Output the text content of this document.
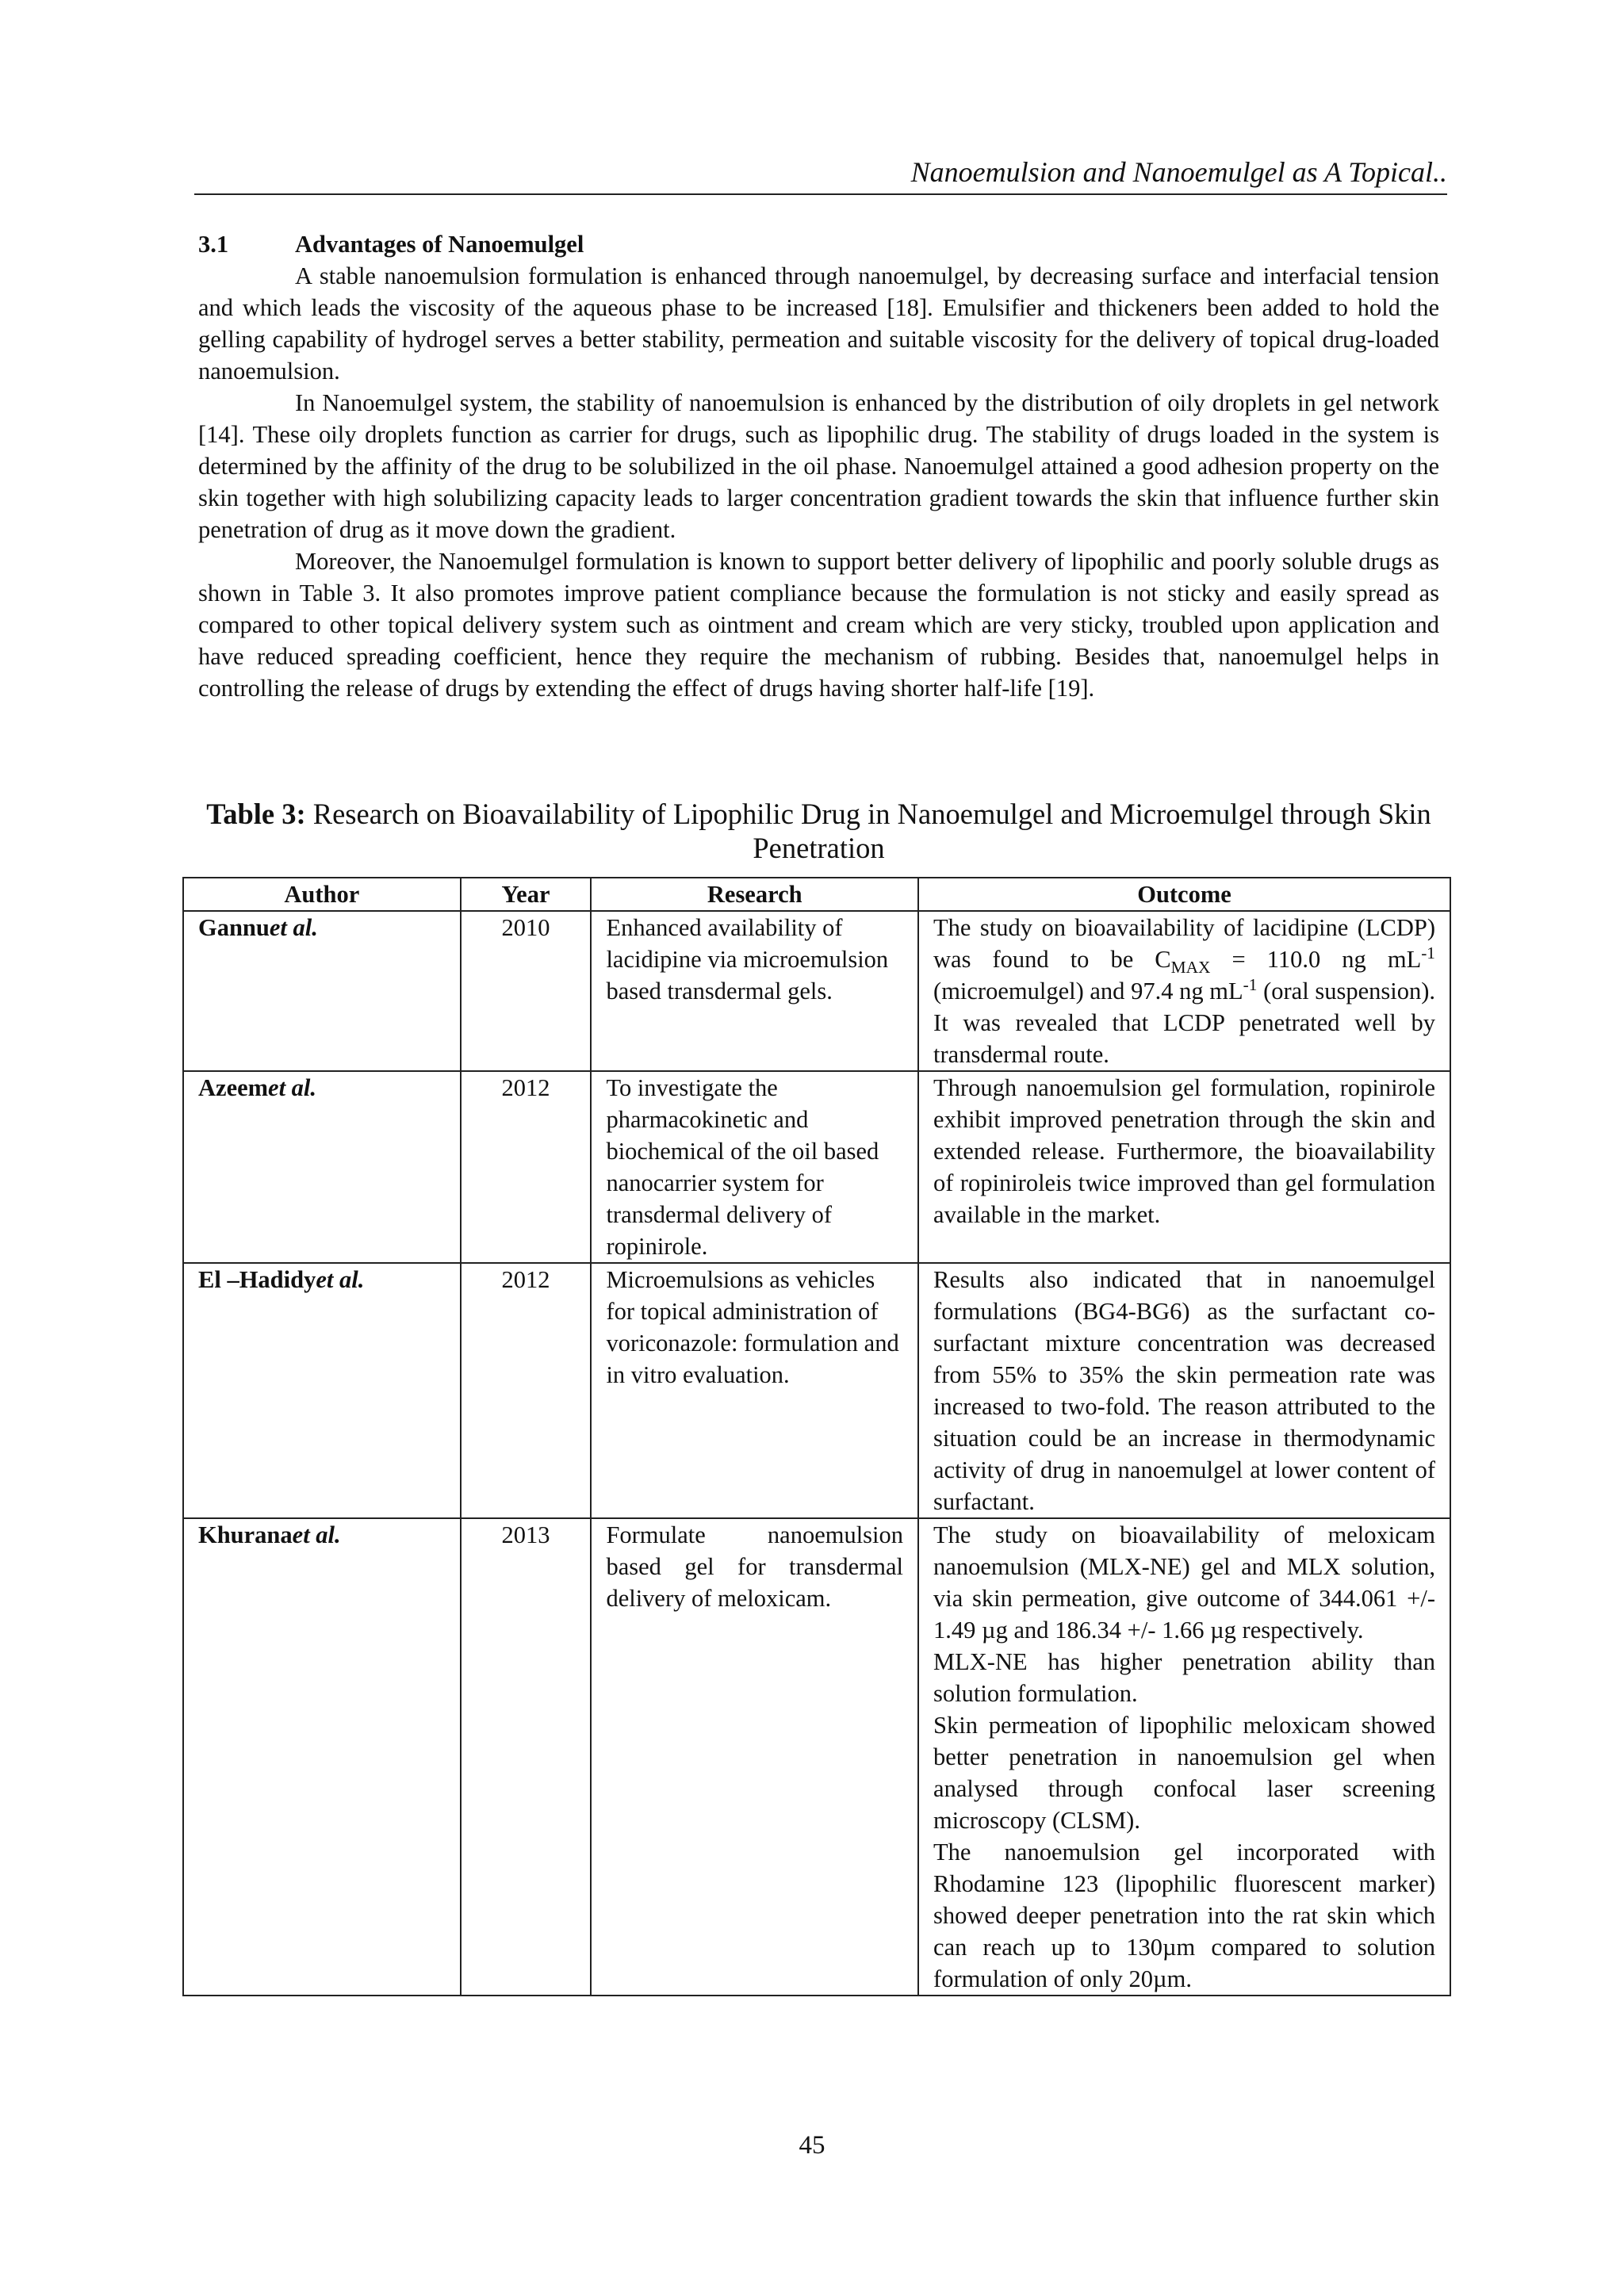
Nanoemulsion and Nanoemulgel as A Topical..
3.1	Advantages of Nanoemulgel

A stable nanoemulsion formulation is enhanced through nanoemulgel, by decreasing surface and interfacial tension and which leads the viscosity of the aqueous phase to be increased [18]. Emulsifier and thickeners been added to hold the gelling capability of hydrogel serves a better stability, permeation and suitable viscosity for the delivery of topical drug-loaded nanoemulsion.

In Nanoemulgel system, the stability of nanoemulsion is enhanced by the distribution of oily droplets in gel network [14]. These oily droplets function as carrier for drugs, such as lipophilic drug. The stability of drugs loaded in the system is determined by the affinity of the drug to be solubilized in the oil phase. Nanoemulgel attained a good adhesion property on the skin together with high solubilizing capacity leads to larger concentration gradient towards the skin that influence further skin penetration of drug as it move down the gradient.

Moreover, the Nanoemulgel formulation is known to support better delivery of lipophilic and poorly soluble drugs as shown in Table 3. It also promotes improve patient compliance because the formulation is not sticky and easily spread as compared to other topical delivery system such as ointment and cream which are very sticky, troubled upon application and have reduced spreading coefficient, hence they require the mechanism of rubbing. Besides that, nanoemulgel helps in controlling the release of drugs by extending the effect of drugs having shorter half-life [19].

Table 3: Research on Bioavailability of Lipophilic Drug in Nanoemulgel and Microemulgel through Skin Penetration
Author	Year	Research	Outcome
Gannuet al.	2010	Enhanced availability of lacidipine via microemulsion based transdermal gels.	The study on bioavailability of lacidipine (LCDP) was found to be $C_{MAX} = 110.0$ ng $mL^{-1}$ (microemulgel) and 97.4 ng $mL^{-1}$ (oral suspension). It was revealed that LCDP penetrated well by transdermal route.
Azeemet al.	2012	To investigate the pharmacokinetic and biochemical of the oil based nanocarrier system for transdermal delivery of ropinirole.	Through nanoemulsion gel formulation, ropinirole exhibit improved penetration through the skin and extended release. Furthermore, the bioavailability of ropiniroleis twice improved than gel formulation available in the market.
El –Hadidyet al.	2012	Microemulsions as vehicles for topical administration of voriconazole: formulation and in vitro evaluation.	Results also indicated that in nanoemulgel formulations (BG4-BG6) as the surfactant co-surfactant mixture concentration was decreased from 55% to 35% the skin permeation rate was increased to two-fold. The reason attributed to the situation could be an increase in thermodynamic activity of drug in nanoemulgel at lower content of surfactant.
Khuranaet al.	2013	Formulate nanoemulsion based gel for transdermal delivery of meloxicam.	The study on bioavailability of meloxicam nanoemulsion (MLX-NE) gel and MLX solution, via skin permeation, give outcome of 344.061 +/- 1.49 µg and 186.34 +/- 1.66 µg respectively.
MLX-NE has higher penetration ability than solution formulation.
Skin permeation of lipophilic meloxicam showed better penetration in nanoemulsion gel when analysed through confocal laser screening microscopy (CLSM).
The nanoemulsion gel incorporated with Rhodamine 123 (lipophilic fluorescent marker) showed deeper penetration into the rat skin which can reach up to 130µm compared to solution formulation of only 20µm.
45
